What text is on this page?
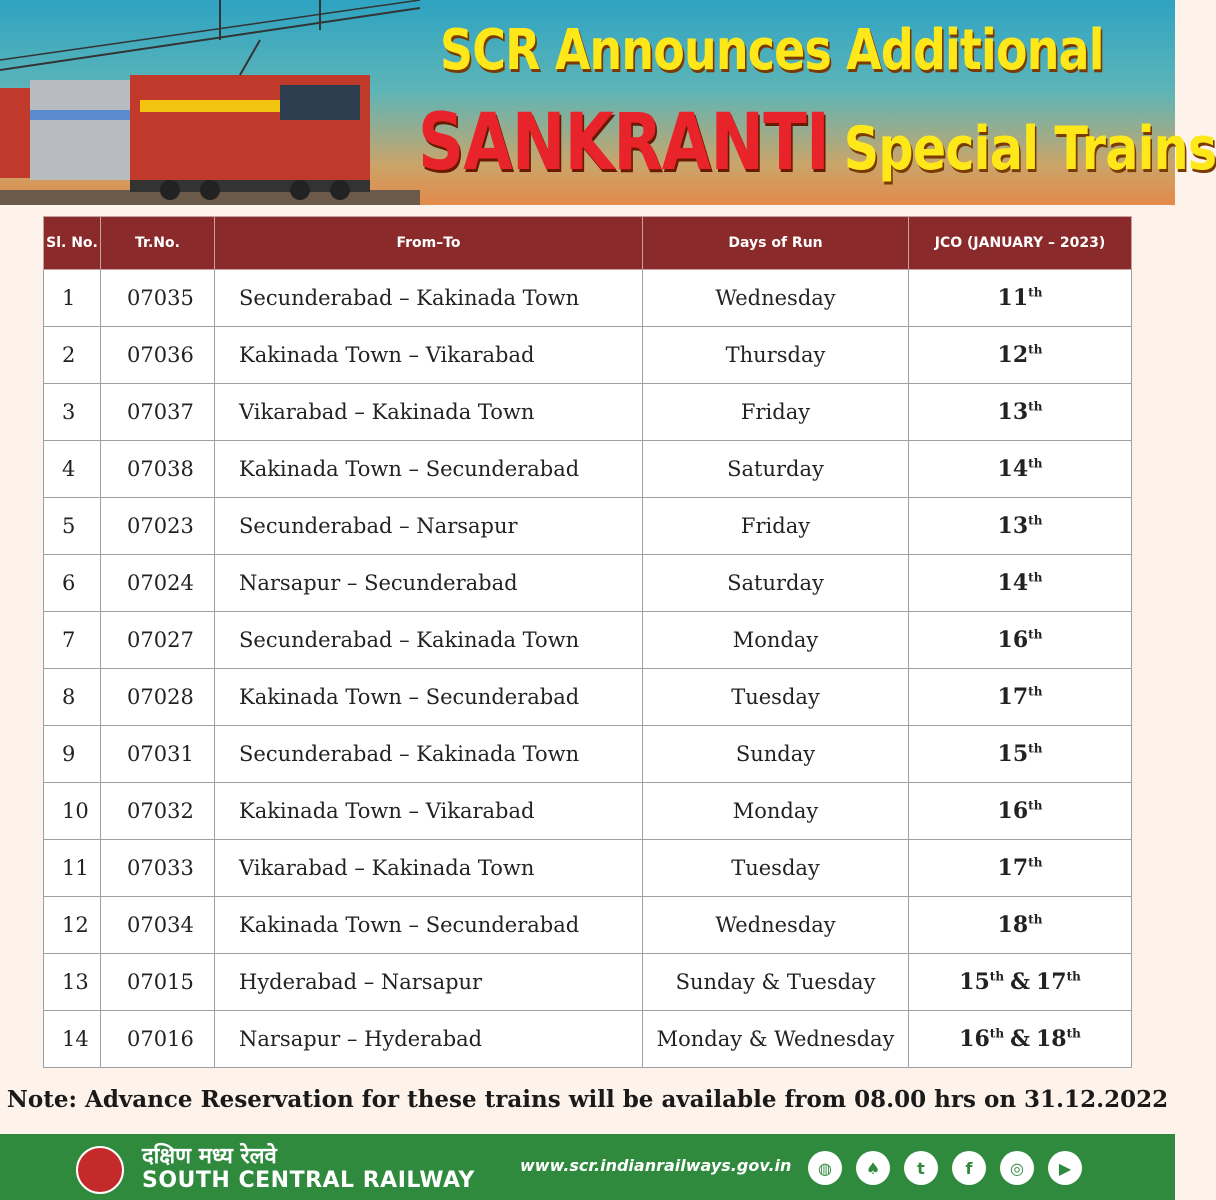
SCR Announces Additional
SANKRANTI Special Trains
Sl. No.	Tr.No.	From–To	Days of Run	JCO (JANUARY – 2023)
1	07035	Secunderabad – Kakinada Town	Wednesday	11th
2	07036	Kakinada Town – Vikarabad	Thursday	12th
3	07037	Vikarabad – Kakinada Town	Friday	13th
4	07038	Kakinada Town – Secunderabad	Saturday	14th
5	07023	Secunderabad – Narsapur	Friday	13th
6	07024	Narsapur – Secunderabad	Saturday	14th
7	07027	Secunderabad – Kakinada Town	Monday	16th
8	07028	Kakinada Town – Secunderabad	Tuesday	17th
9	07031	Secunderabad – Kakinada Town	Sunday	15th
10	07032	Kakinada Town – Vikarabad	Monday	16th
11	07033	Vikarabad – Kakinada Town	Tuesday	17th
12	07034	Kakinada Town – Secunderabad	Wednesday	18th
13	07015	Hyderabad – Narsapur	Sunday & Tuesday	15th & 17th
14	07016	Narsapur – Hyderabad	Monday & Wednesday	16th & 18th
Note: Advance Reservation for these trains will be available from 08.00 hrs on 31.12.2022
दक्षिण मध्य रेलवे
SOUTH CENTRAL RAILWAY
www.scr.indianrailways.gov.in	◍	♠	t	f	◎	▶
